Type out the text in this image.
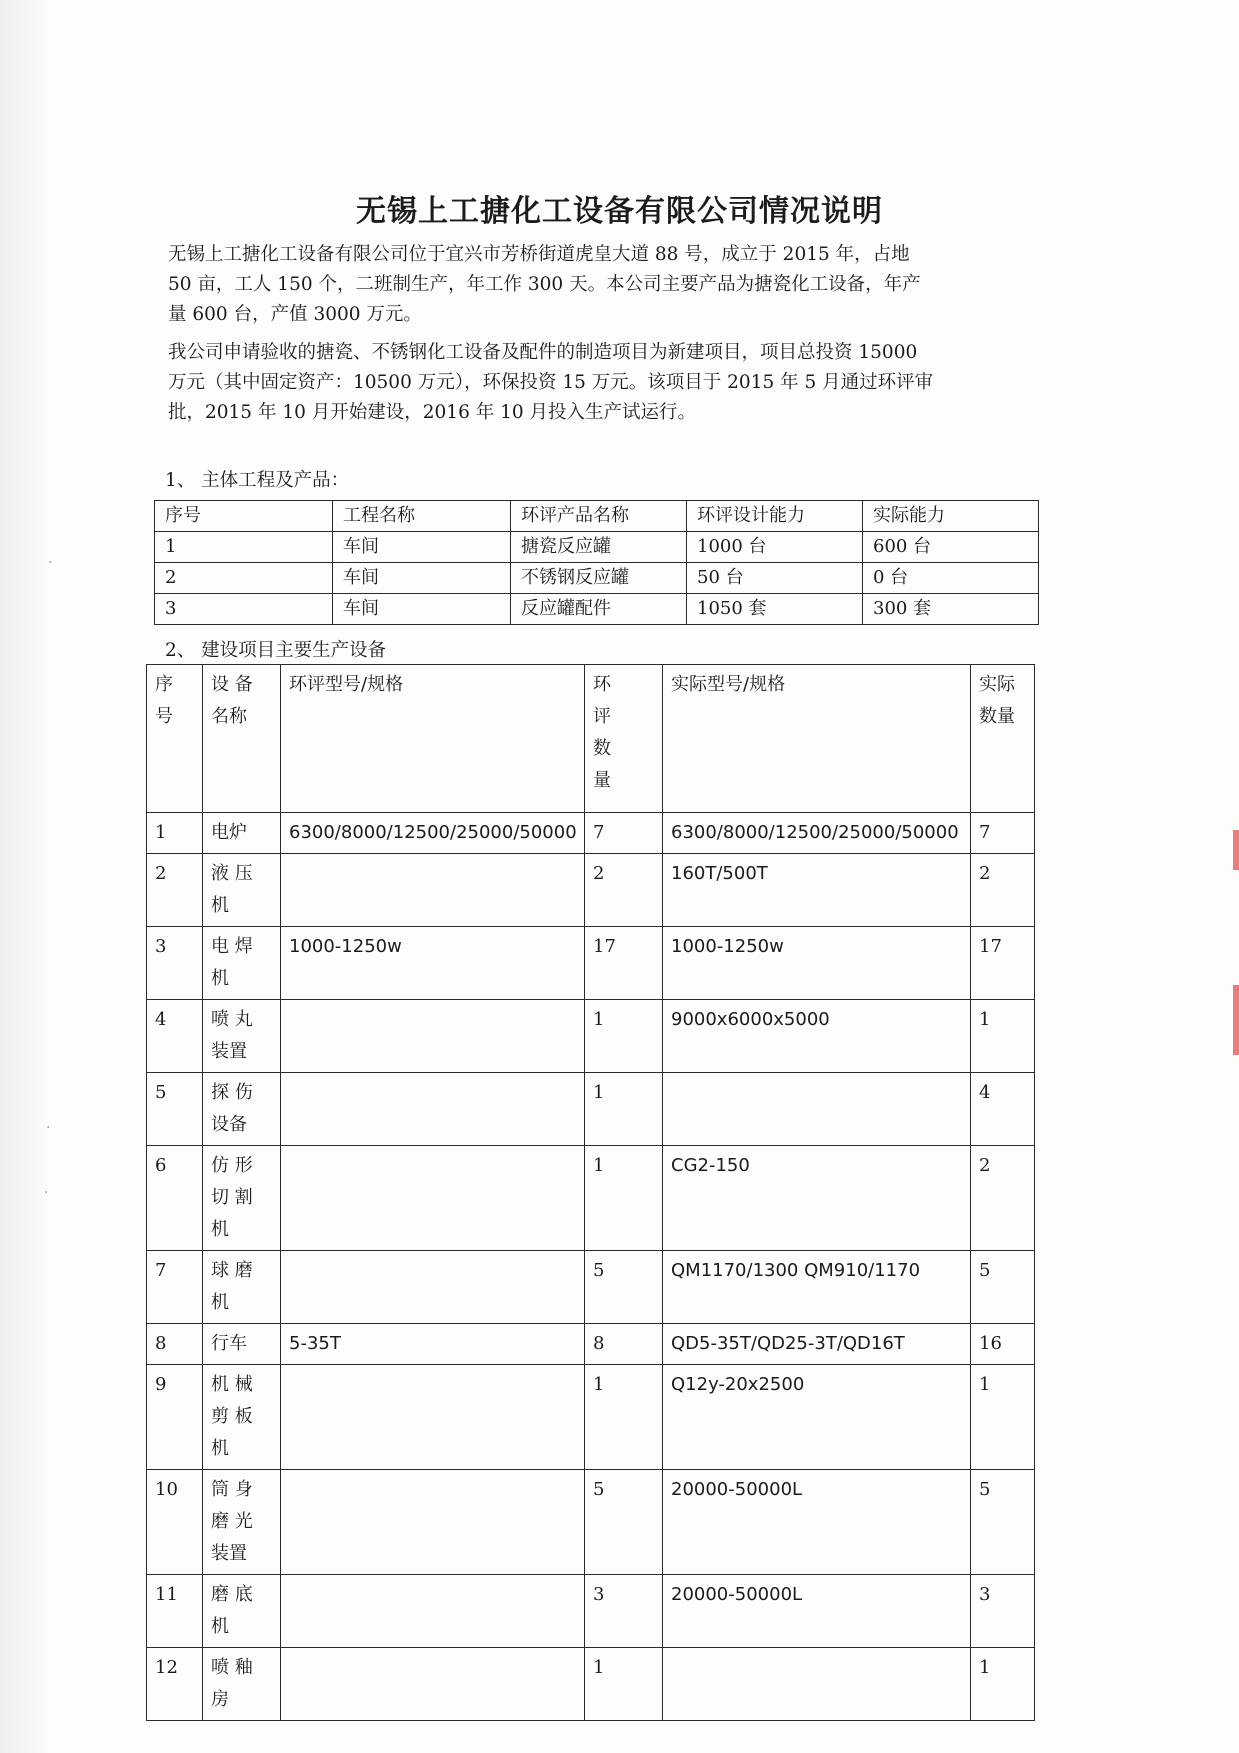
·
·
·
无锡上工搪化工设备有限公司情况说明
无锡上工搪化工设备有限公司位于宜兴市芳桥街道虎皇大道 88 号，成立于 2015 年，占地
50 亩，工人 150 个，二班制生产，年工作 300 天。本公司主要产品为搪瓷化工设备，年产
量 600 台，产值 3000 万元。
我公司申请验收的搪瓷、不锈钢化工设备及配件的制造项目为新建项目，项目总投资 15000
万元（其中固定资产：10500 万元），环保投资 15 万元。该项目于 2015 年 5 月通过环评审
批，2015 年 10 月开始建设，2016 年 10 月投入生产试运行。
1、 主体工程及产品：
序号	工程名称	环评产品名称	环评设计能力	实际能力
1	车间	搪瓷反应罐	1000 台	600 台
2	车间	不锈钢反应罐	50 台	0 台
3	车间	反应罐配件	1050 套	300 套
2、 建设项目主要生产设备
序
号	设 备
名称	环评型号/规格	环
评
数
量	实际型号/规格	实际
数量
1	电炉	6300/8000/12500/25000/50000	7	6300/8000/12500/25000/50000	7
2	液 压
机		2	160T/500T	2
3	电 焊
机	1000-1250w	17	1000-1250w	17
4	喷 丸
装置		1	9000x6000x5000	1
5	探 伤
设备		1		4
6	仿 形
切 割
机		1	CG2-150	2
7	球 磨
机		5	QM1170/1300 QM910/1170	5
8	行车	5-35T	8	QD5-35T/QD25-3T/QD16T	16
9	机 械
剪 板
机		1	Q12y-20x2500	1
10	筒 身
磨 光
装置		5	20000-50000L	5
11	磨 底
机		3	20000-50000L	3
12	喷 釉
房		1		1
